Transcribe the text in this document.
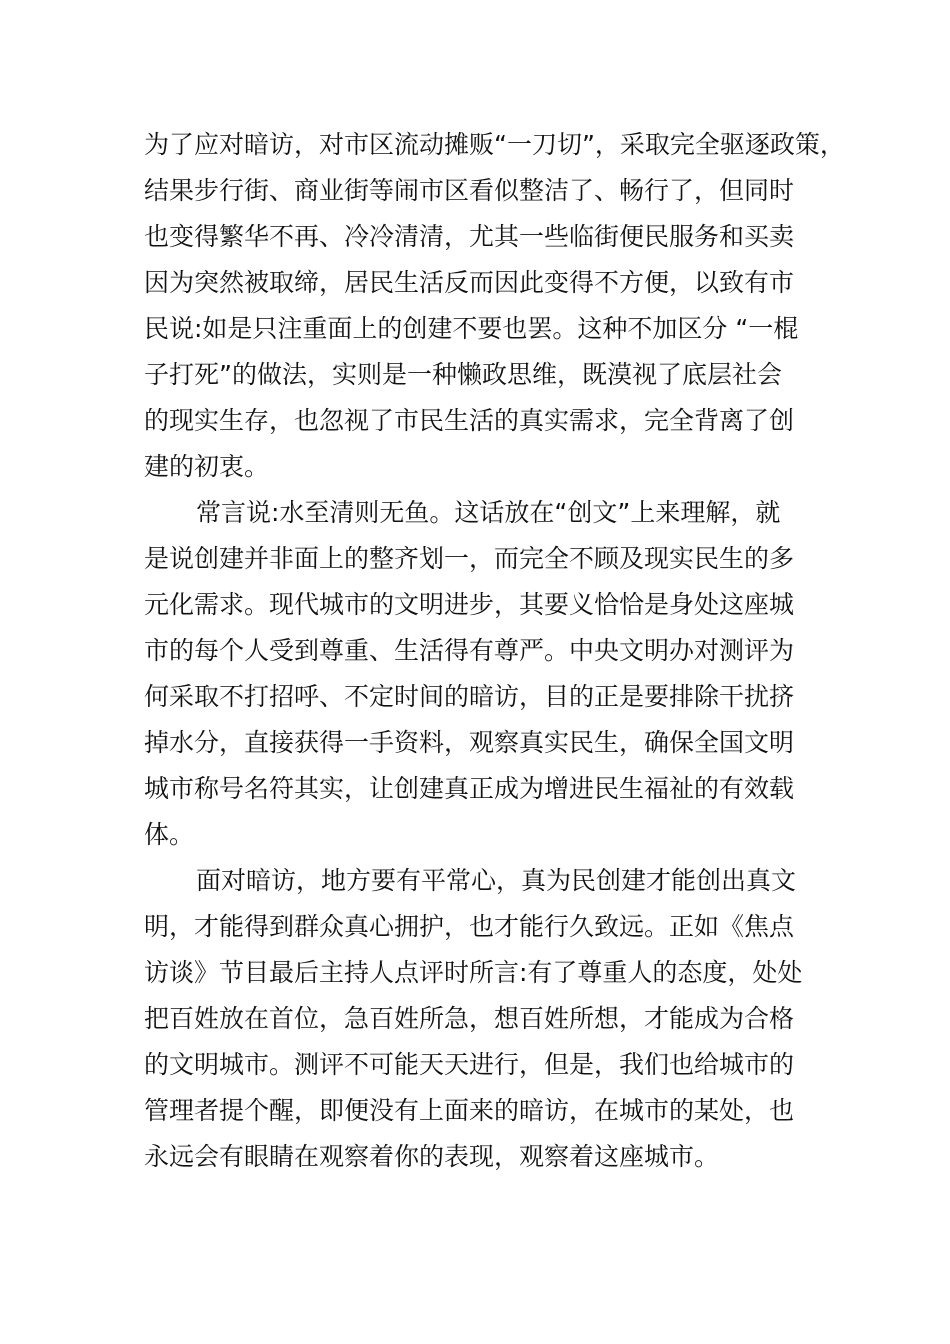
为了应对暗访，对市区流动摊贩“一刀切”，采取完全驱逐政策，
结果步行街、商业街等闹市区看似整洁了、畅行了，但同时
也变得繁华不再、冷冷清清，尤其一些临街便民服务和买卖
因为突然被取缔，居民生活反而因此变得不方便，以致有市
民说:如是只注重面上的创建不要也罢。这种不加区分 “一棍
子打死”的做法，实则是一种懒政思维，既漠视了底层社会
的现实生存，也忽视了市民生活的真实需求，完全背离了创
建的初衷。
常言说:水至清则无鱼。这话放在“创文”上来理解，就
是说创建并非面上的整齐划一，而完全不顾及现实民生的多
元化需求。现代城市的文明进步，其要义恰恰是身处这座城
市的每个人受到尊重、生活得有尊严。中央文明办对测评为
何采取不打招呼、不定时间的暗访，目的正是要排除干扰挤
掉水分，直接获得一手资料，观察真实民生，确保全国文明
城市称号名符其实，让创建真正成为增进民生福祉的有效载
体。
面对暗访，地方要有平常心，真为民创建才能创出真文
明，才能得到群众真心拥护，也才能行久致远。正如《焦点
访谈》节目最后主持人点评时所言:有了尊重人的态度，处处
把百姓放在首位，急百姓所急，想百姓所想，才能成为合格
的文明城市。测评不可能天天进行，但是，我们也给城市的
管理者提个醒，即便没有上面来的暗访，在城市的某处，也
永远会有眼睛在观察着你的表现，观察着这座城市。
